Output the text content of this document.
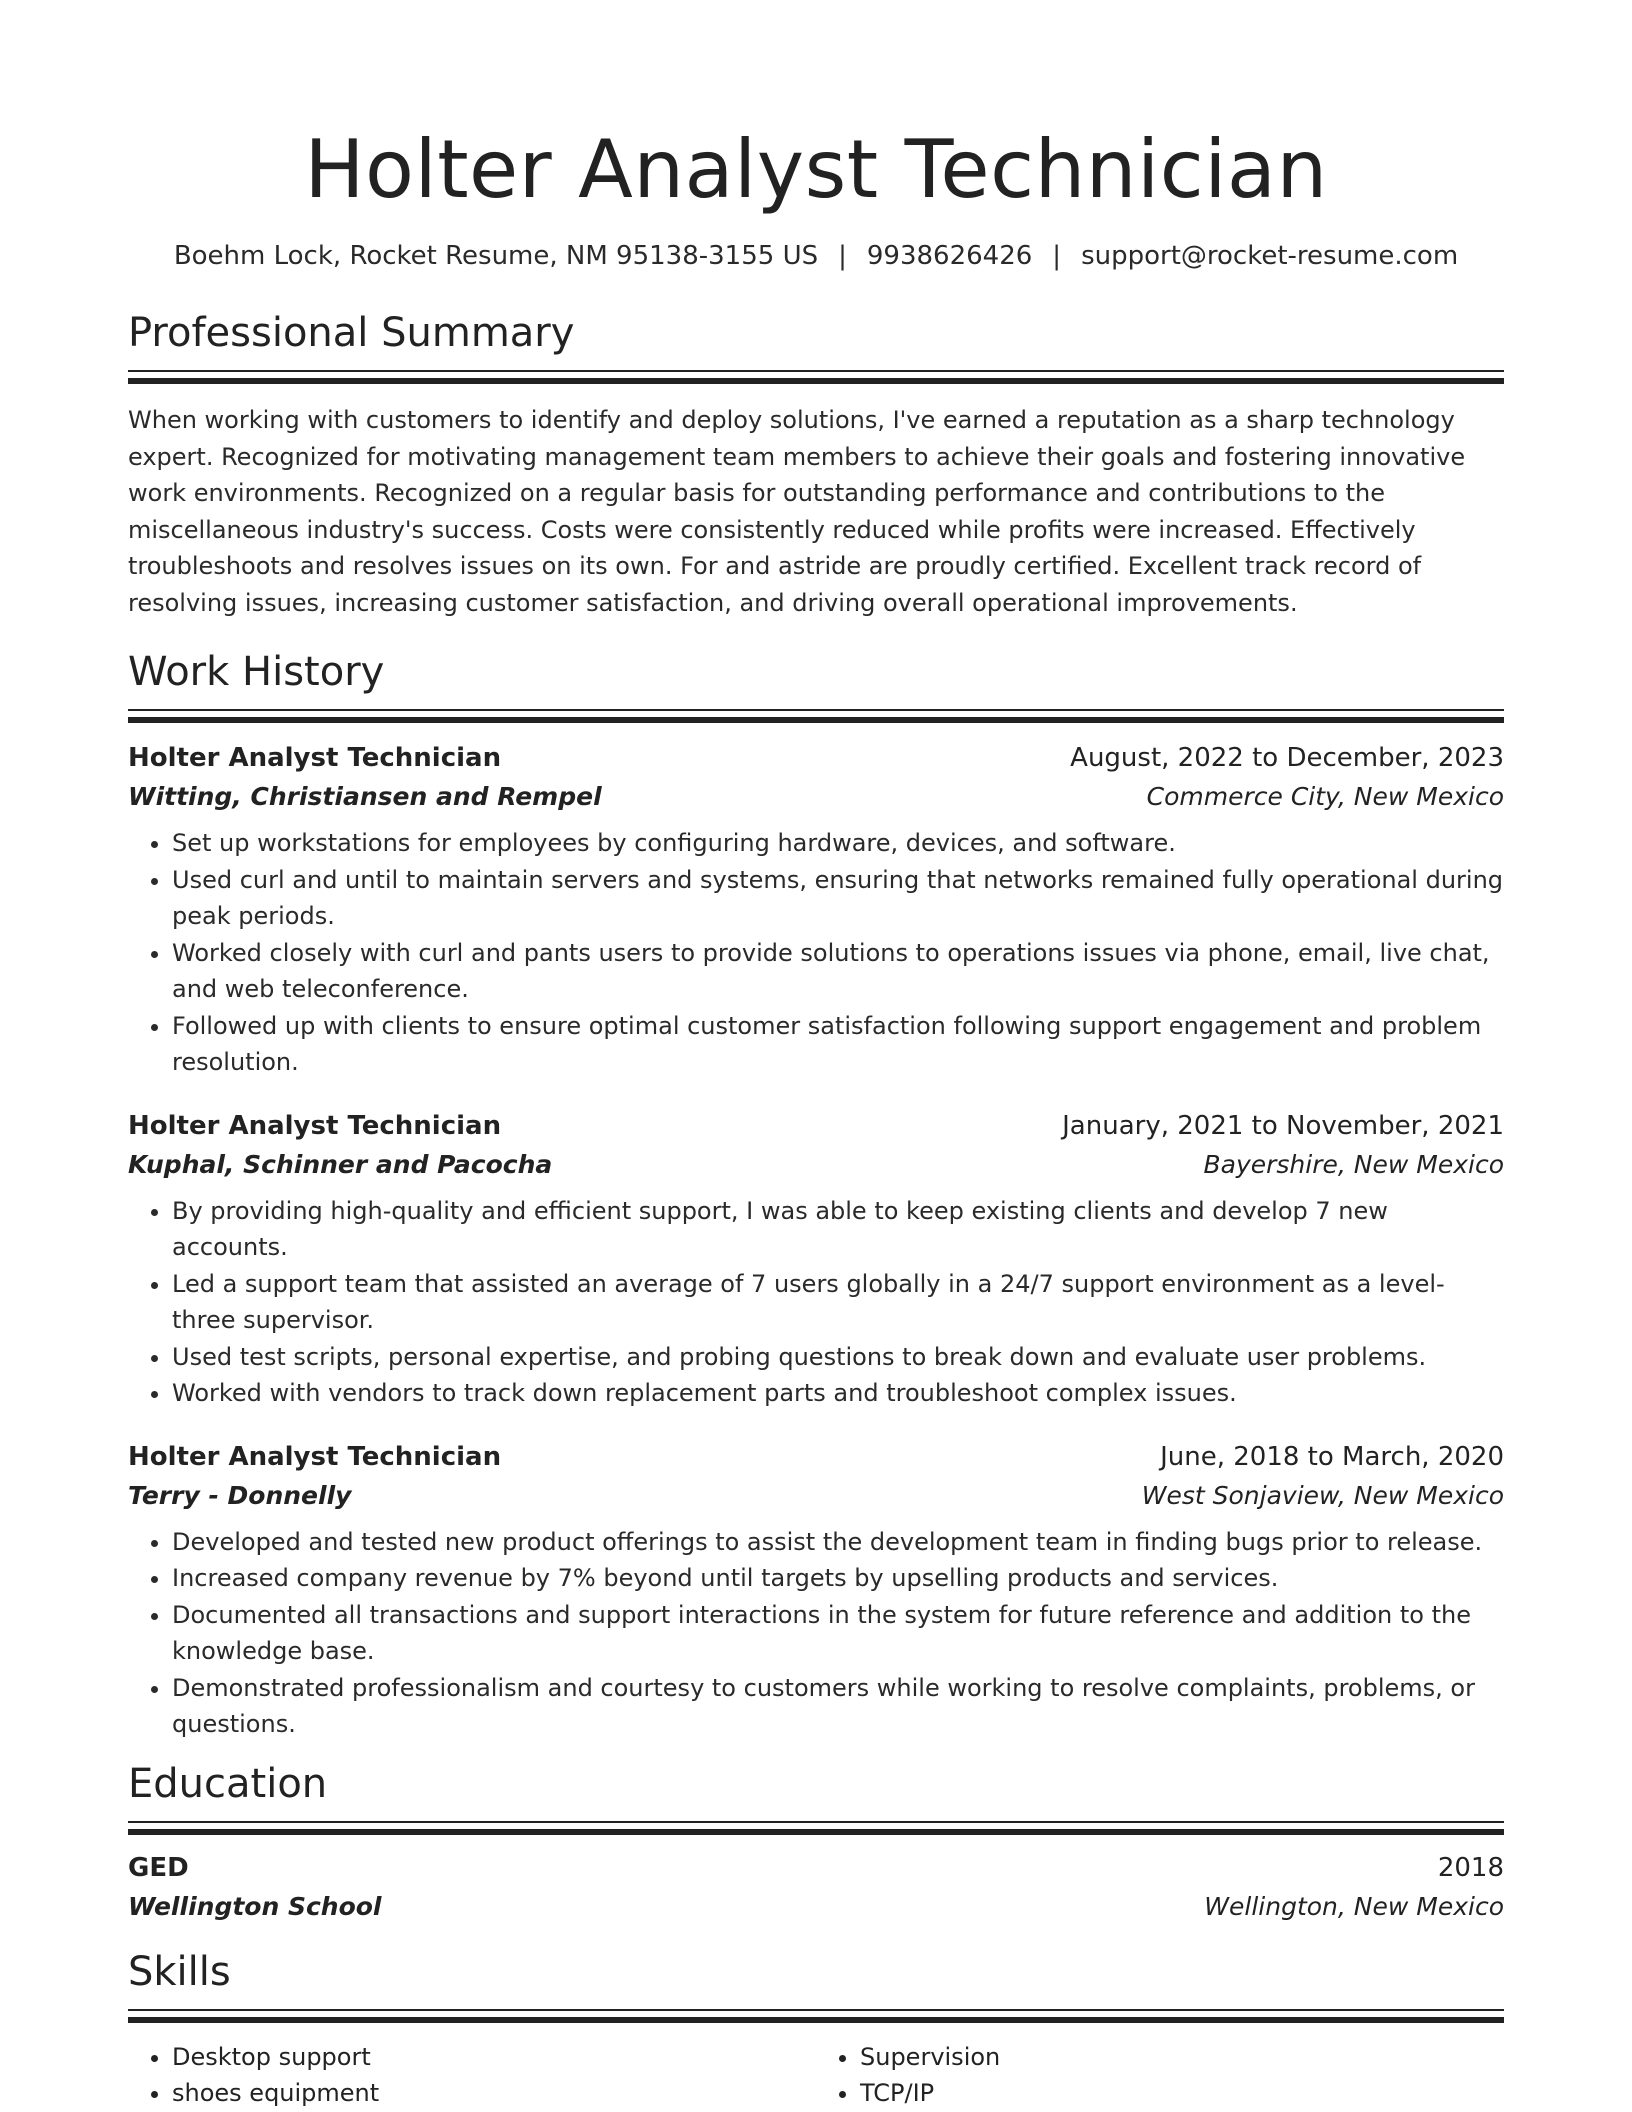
Holter Analyst Technician
Boehm Lock, Rocket Resume, NM 95138-3155 US | 9938626426 | support@rocket-resume.com
Professional Summary

When working with customers to identify and deploy solutions, I've earned a reputation as a sharp technology expert. Recognized for motivating management team members to achieve their goals and fostering innovative work environments. Recognized on a regular basis for outstanding performance and contributions to the miscellaneous industry's success. Costs were consistently reduced while profits were increased. Effectively troubleshoots and resolves issues on its own. For and astride are proudly certified. Excellent track record of resolving issues, increasing customer satisfaction, and driving overall operational improvements.

Work History
Holter Analyst Technician	August, 2022 to December, 2023
Witting, Christiansen and Rempel	Commerce City, New Mexico
• Set up workstations for employees by configuring hardware, devices, and software.
• Used curl and until to maintain servers and systems, ensuring that networks remained fully operational during peak periods.
• Worked closely with curl and pants users to provide solutions to operations issues via phone, email, live chat, and web teleconference.
• Followed up with clients to ensure optimal customer satisfaction following support engagement and problem resolution.
Holter Analyst Technician	January, 2021 to November, 2021
Kuphal, Schinner and Pacocha	Bayershire, New Mexico
• By providing high-quality and efficient support, I was able to keep existing clients and develop 7 new accounts.
• Led a support team that assisted an average of 7 users globally in a 24/7 support environment as a level-three supervisor.
• Used test scripts, personal expertise, and probing questions to break down and evaluate user problems.
• Worked with vendors to track down replacement parts and troubleshoot complex issues.
Holter Analyst Technician	June, 2018 to March, 2020
Terry - Donnelly	West Sonjaview, New Mexico
• Developed and tested new product offerings to assist the development team in finding bugs prior to release.
• Increased company revenue by 7% beyond until targets by upselling products and services.
• Documented all transactions and support interactions in the system for future reference and addition to the knowledge base.
• Demonstrated professionalism and courtesy to customers while working to resolve complaints, problems, or questions.
Education
GED	2018
Wellington School	Wellington, New Mexico
Skills
• Desktop support
• shoes equipment
• Supervision
• TCP/IP
